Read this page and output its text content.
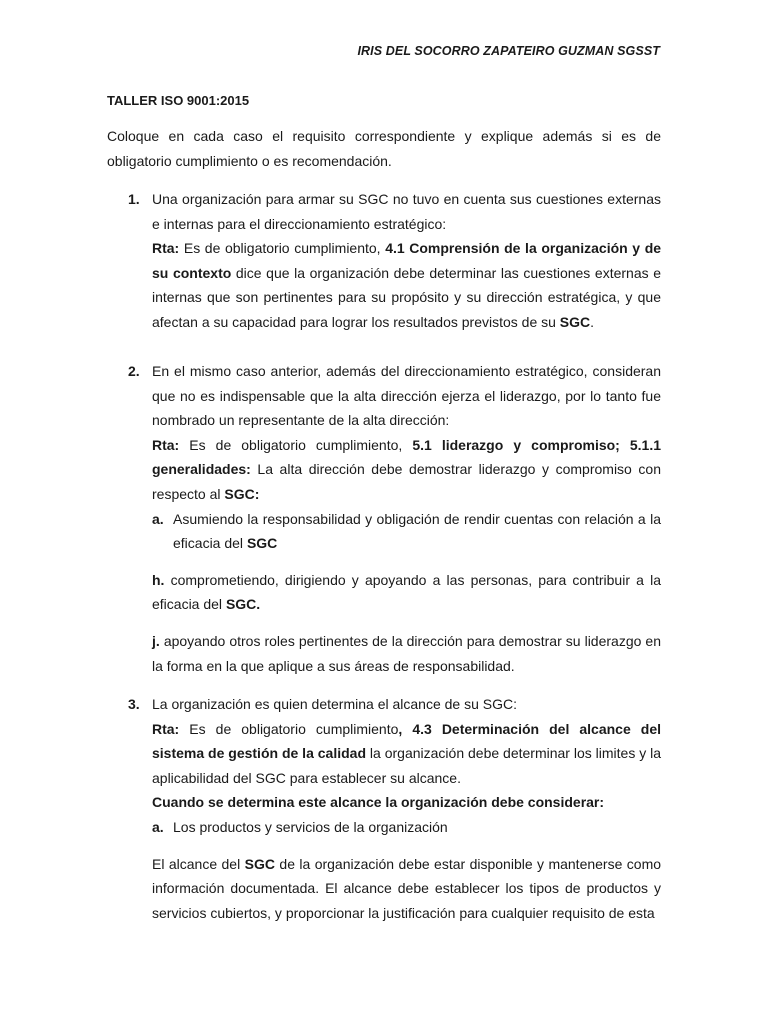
IRIS DEL SOCORRO ZAPATEIRO GUZMAN SGSST
TALLER ISO 9001:2015
Coloque en cada caso el requisito correspondiente y explique además si es de obligatorio cumplimiento o es recomendación.
1. Una organización para armar su SGC no tuvo en cuenta sus cuestiones externas e internas para el direccionamiento estratégico:

Rta: Es de obligatorio cumplimiento, 4.1 Comprensión de la organización y de su contexto dice que la organización debe determinar las cuestiones externas e internas que son pertinentes para su propósito y su dirección estratégica, y que afectan a su capacidad para lograr los resultados previstos de su SGC.

2. En el mismo caso anterior, además del direccionamiento estratégico, consideran que no es indispensable que la alta dirección ejerza el liderazgo, por lo tanto fue nombrado un representante de la alta dirección:

Rta: Es de obligatorio cumplimiento, 5.1 liderazgo y compromiso; 5.1.1 generalidades: La alta dirección debe demostrar liderazgo y compromiso con respecto al SGC:

a. Asumiendo la responsabilidad y obligación de rendir cuentas con relación a la eficacia del SGC

h. comprometiendo, dirigiendo y apoyando a las personas, para contribuir a la eficacia del SGC.

j. apoyando otros roles pertinentes de la dirección para demostrar su liderazgo en la forma en la que aplique a sus áreas de responsabilidad.

3. La organización es quien determina el alcance de su SGC:

Rta: Es de obligatorio cumplimiento, 4.3 Determinación del alcance del sistema de gestión de la calidad la organización debe determinar los limites y la aplicabilidad del SGC para establecer su alcance.

Cuando se determina este alcance la organización debe considerar:

a. Los productos y servicios de la organización

El alcance del SGC de la organización debe estar disponible y mantenerse como información documentada. El alcance debe establecer los tipos de productos y servicios cubiertos, y proporcionar la justificación para cualquier requisito de esta
